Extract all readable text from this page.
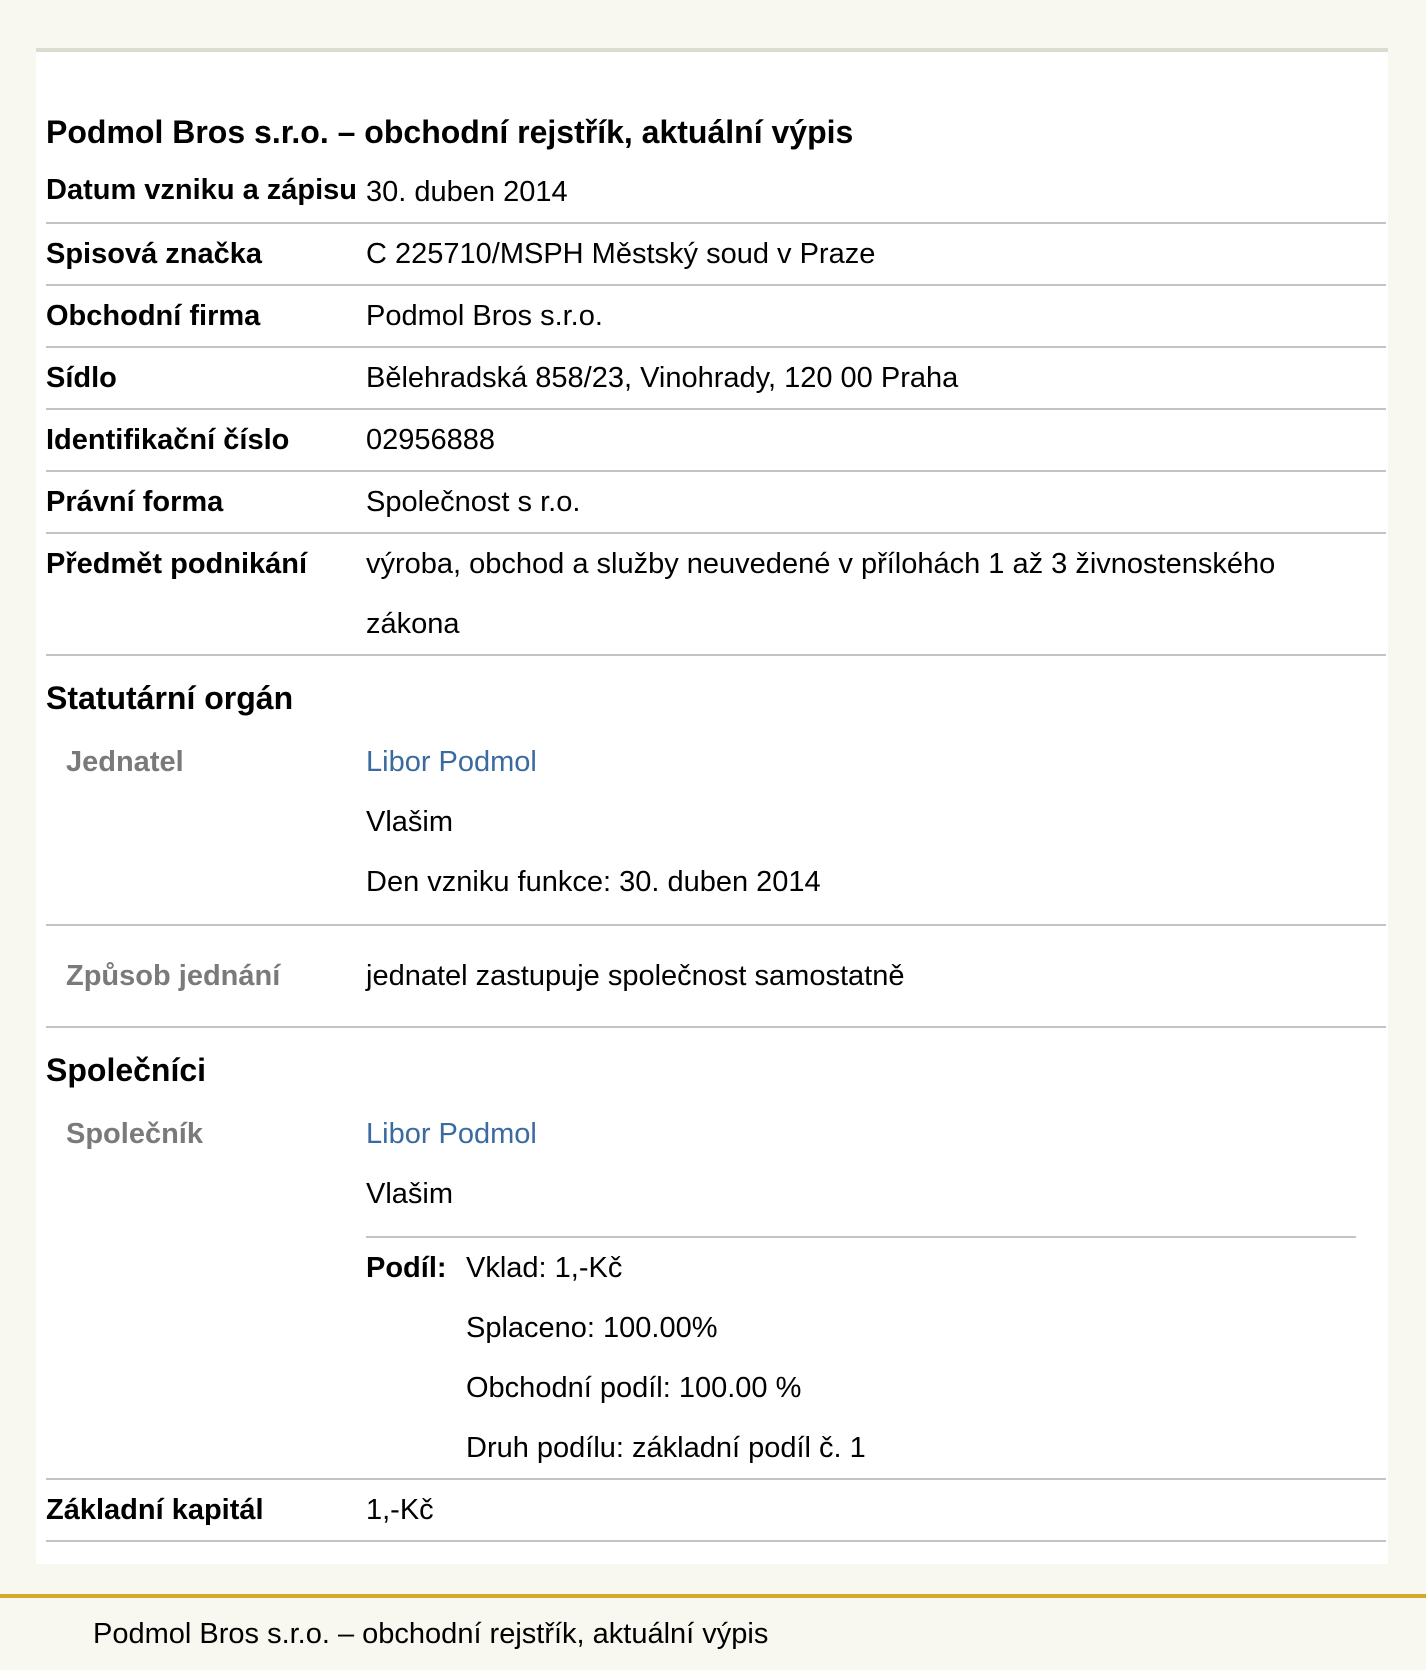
Podmol Bros s.r.o. – obchodní rejstřík, aktuální výpis
Datum vzniku a zápisu 30. duben 2014
Spisová značka	C 225710/MSPH Městský soud v Praze
Obchodní firma	Podmol Bros s.r.o.
Sídlo	Bělehradská 858/23, Vinohrady, 120 00 Praha
Identifikační číslo	02956888
Právní forma	Společnost s r.o.
Předmět podnikání	výroba, obchod a služby neuvedené v přílohách 1 až 3 živnostenského zákona
Statutární orgán
Jednatel	Libor Podmol
Vlašim
Den vzniku funkce: 30. duben 2014
Způsob jednání	jednatel zastupuje společnost samostatně
Společníci
Společník	Libor Podmol
Vlašim
Podíl: Vklad: 1,-Kč
Splaceno: 100.00%
Obchodní podíl: 100.00 %
Druh podílu: základní podíl č. 1
Základní kapitál	1,-Kč
Podmol Bros s.r.o. – obchodní rejstřík, aktuální výpis
